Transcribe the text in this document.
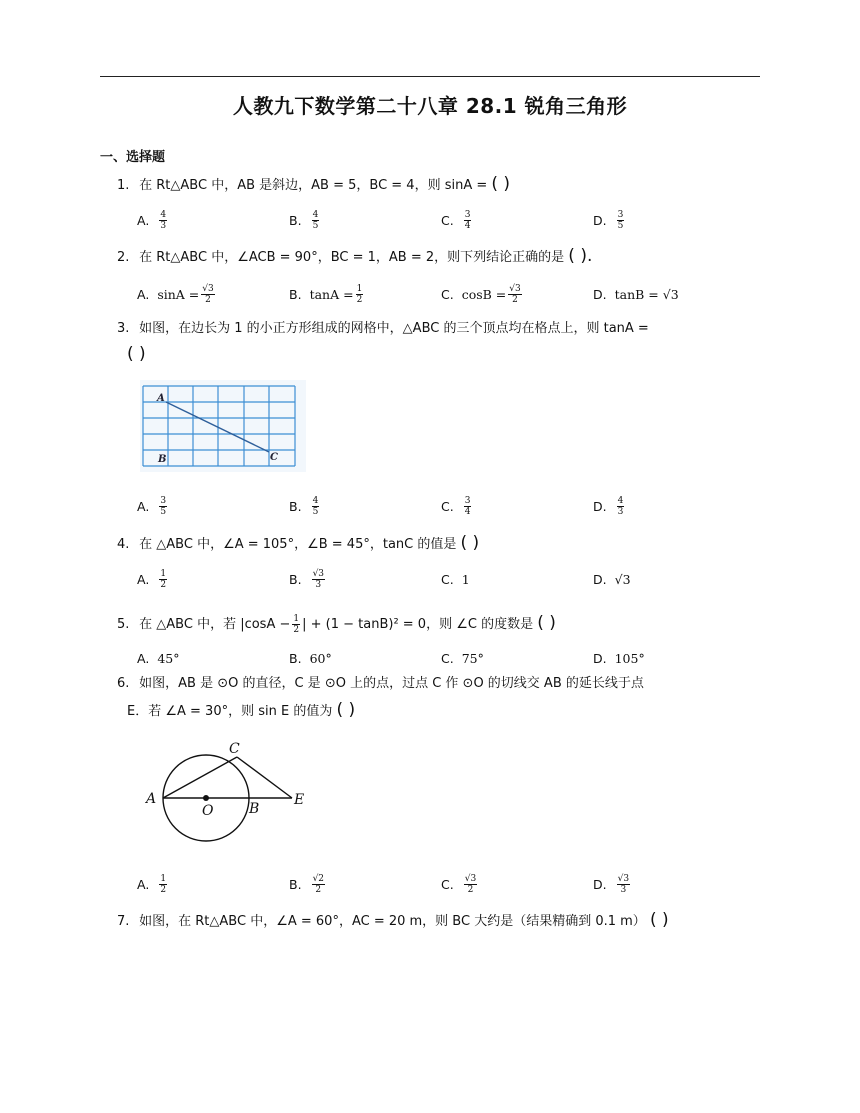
人教九下数学第二十八章 28.1 锐角三角形
一、选择题
1. 在 Rt△ABC 中，AB 是斜边，AB = 5，BC = 4，则 sinA = ( )
A. $\frac{4}{3}$	B. $\frac{4}{5}$	C. $\frac{3}{4}$	D. $\frac{3}{5}$
2. 在 Rt△ABC 中，∠ACB = 90°，BC = 1，AB = 2，则下列结论正确的是 ( ).
A. $\sin A = \frac{√3}{2}$	B. $\tan A = \frac{1}{2}$	C. $\cos B = \frac{√3}{2}$	D. tanB = √3
3. 如图，在边长为 1 的小正方形组成的网格中，△ABC 的三个顶点均在格点上，则 tanA =
( )
A
B	C
A. $\frac{3}{5}$	B. $\frac{4}{5}$	C. $\frac{3}{4}$	D. $\frac{4}{3}$
4. 在 △ABC 中，∠A = 105°，∠B = 45°，tanC 的值是 ( )
A. $\frac{1}{2}$	B. $\frac{√3}{3}$	C. 1	D. √3
5. 在 △ABC 中，若 $|\cos A - \frac{1}{2}$ | + (1 − tanB)² = 0，则 ∠C 的度数是 ( )
A. 45°	B. 60°	C. 75°	D. 105°
6. 如图，AB 是 ⊙O 的直径，C 是 ⊙O 上的点，过点 C 作 ⊙O 的切线交 AB 的延长线于点
E．若 ∠A = 30°，则 sin E 的值为 ( )
A
O	B
C
E
A. $\frac{1}{2}$	B. $\frac{√2}{2}$	C. $\frac{√3}{2}$	D. $\frac{√3}{3}$
7. 如图，在 Rt△ABC 中，∠A = 60°，AC = 20 m，则 BC 大约是（结果精确到 0.1 m） ( )
